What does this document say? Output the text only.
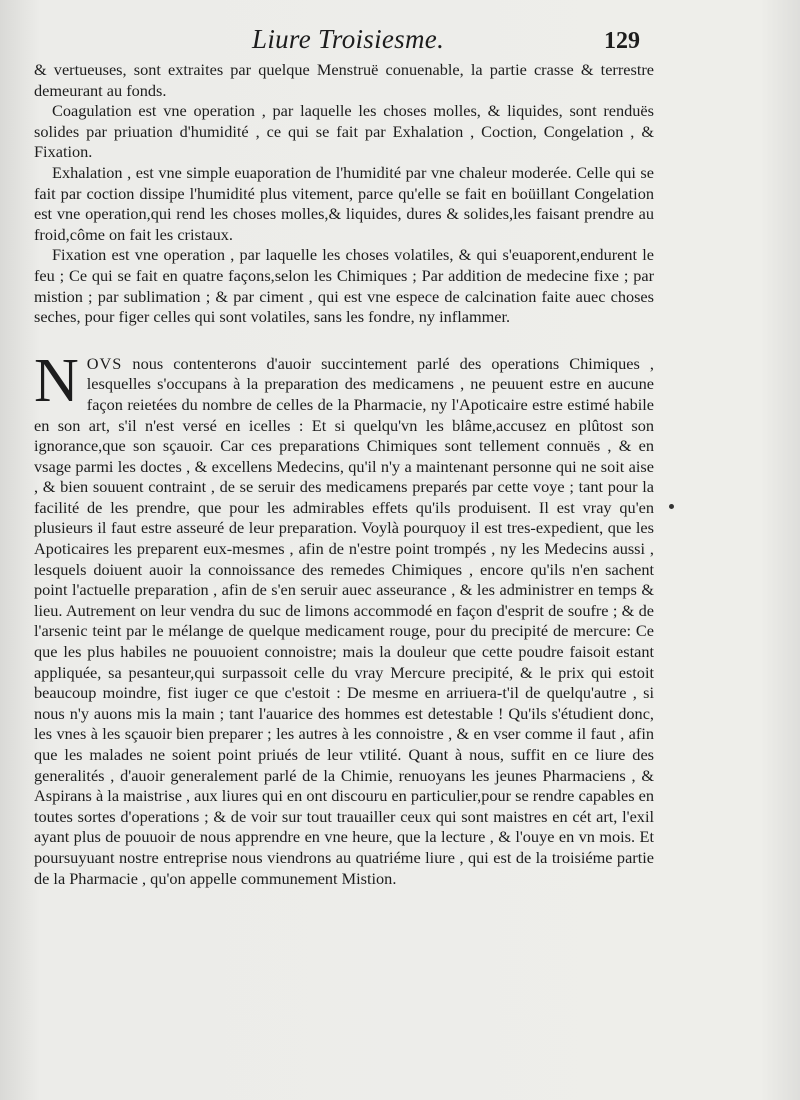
Liure Troisiesme.	129

& vertueuses, sont extraites par quelque Menstruë conuenable, la partie crasse & terrestre demeurant au fonds.

Coagulation est vne operation , par laquelle les choses molles, & liquides, sont renduës solides par priuation d'humidité , ce qui se fait par Exhalation , Coction, Congelation , & Fixation.

Exhalation , est vne simple euaporation de l'humidité par vne chaleur moderée. Celle qui se fait par coction dissipe l'humidité plus vitement, parce qu'elle se fait en boüillant Congelation est vne operation,qui rend les choses molles,& liquides, dures & solides,les faisant prendre au froid,côme on fait les cristaux.

Fixation est vne operation , par laquelle les choses volatiles, & qui s'euaporent,endurent le feu ; Ce qui se fait en quatre façons,selon les Chimiques ; Par addition de medecine fixe ; par mistion ; par sublimation ; & par ciment , qui est vne espece de calcination faite auec choses seches, pour figer celles qui sont volatiles, sans les fondre, ny inflammer.

NOVS nous contenterons d'auoir succintement parlé des operations Chimiques , lesquelles s'occupans à la preparation des medicamens , ne peuuent estre en aucune façon reietées du nombre de celles de la Pharmacie, ny l'Apoticaire estre estimé habile en son art, s'il n'est versé en icelles : Et si quelqu'vn les blâme,accusez en plûtost son ignorance,que son sçauoir. Car ces preparations Chimiques sont tellement connuës , & en vsage parmi les doctes , & excellens Medecins, qu'il n'y a maintenant personne qui ne soit aise , & bien souuent contraint , de se seruir des medicamens preparés par cette voye ; tant pour la facilité de les prendre, que pour les admirables effets qu'ils produisent. Il est vray qu'en plusieurs il faut estre asseuré de leur preparation. Voylà pourquoy il est tres-expedient, que les Apoticaires les preparent eux-mesmes , afin de n'estre point trompés , ny les Medecins aussi , lesquels doiuent auoir la connoissance des remedes Chimiques , encore qu'ils n'en sachent point l'actuelle preparation , afin de s'en seruir auec asseurance , & les administrer en temps & lieu. Autrement on leur vendra du suc de limons accommodé en façon d'esprit de soufre ; & de l'arsenic teint par le mélange de quelque medicament rouge, pour du precipité de mercure: Ce que les plus habiles ne pouuoient connoistre; mais la douleur que cette poudre faisoit estant appliquée, sa pesanteur,qui surpassoit celle du vray Mercure precipité, & le prix qui estoit beaucoup moindre, fist iuger ce que c'estoit : De mesme en arriuera-t'il de quelqu'autre , si nous n'y auons mis la main ; tant l'auarice des hommes est detestable ! Qu'ils s'étudient donc, les vnes à les sçauoir bien preparer ; les autres à les connoistre , & en vser comme il faut , afin que les malades ne soient point priués de leur vtilité. Quant à nous, suffit en ce liure des generalités , d'auoir generalement parlé de la Chimie, renuoyans les jeunes Pharmaciens , & Aspirans à la maistrise , aux liures qui en ont discouru en particulier,pour se rendre capables en toutes sortes d'operations ; & de voir sur tout trauailler ceux qui sont maistres en cét art, l'exil ayant plus de pouuoir de nous apprendre en vne heure, que la lecture , & l'ouye en vn mois. Et poursuyuant nostre entreprise nous viendrons au quatriéme liure , qui est de la troisiéme partie de la Pharmacie , qu'on appelle communement Mistion.
